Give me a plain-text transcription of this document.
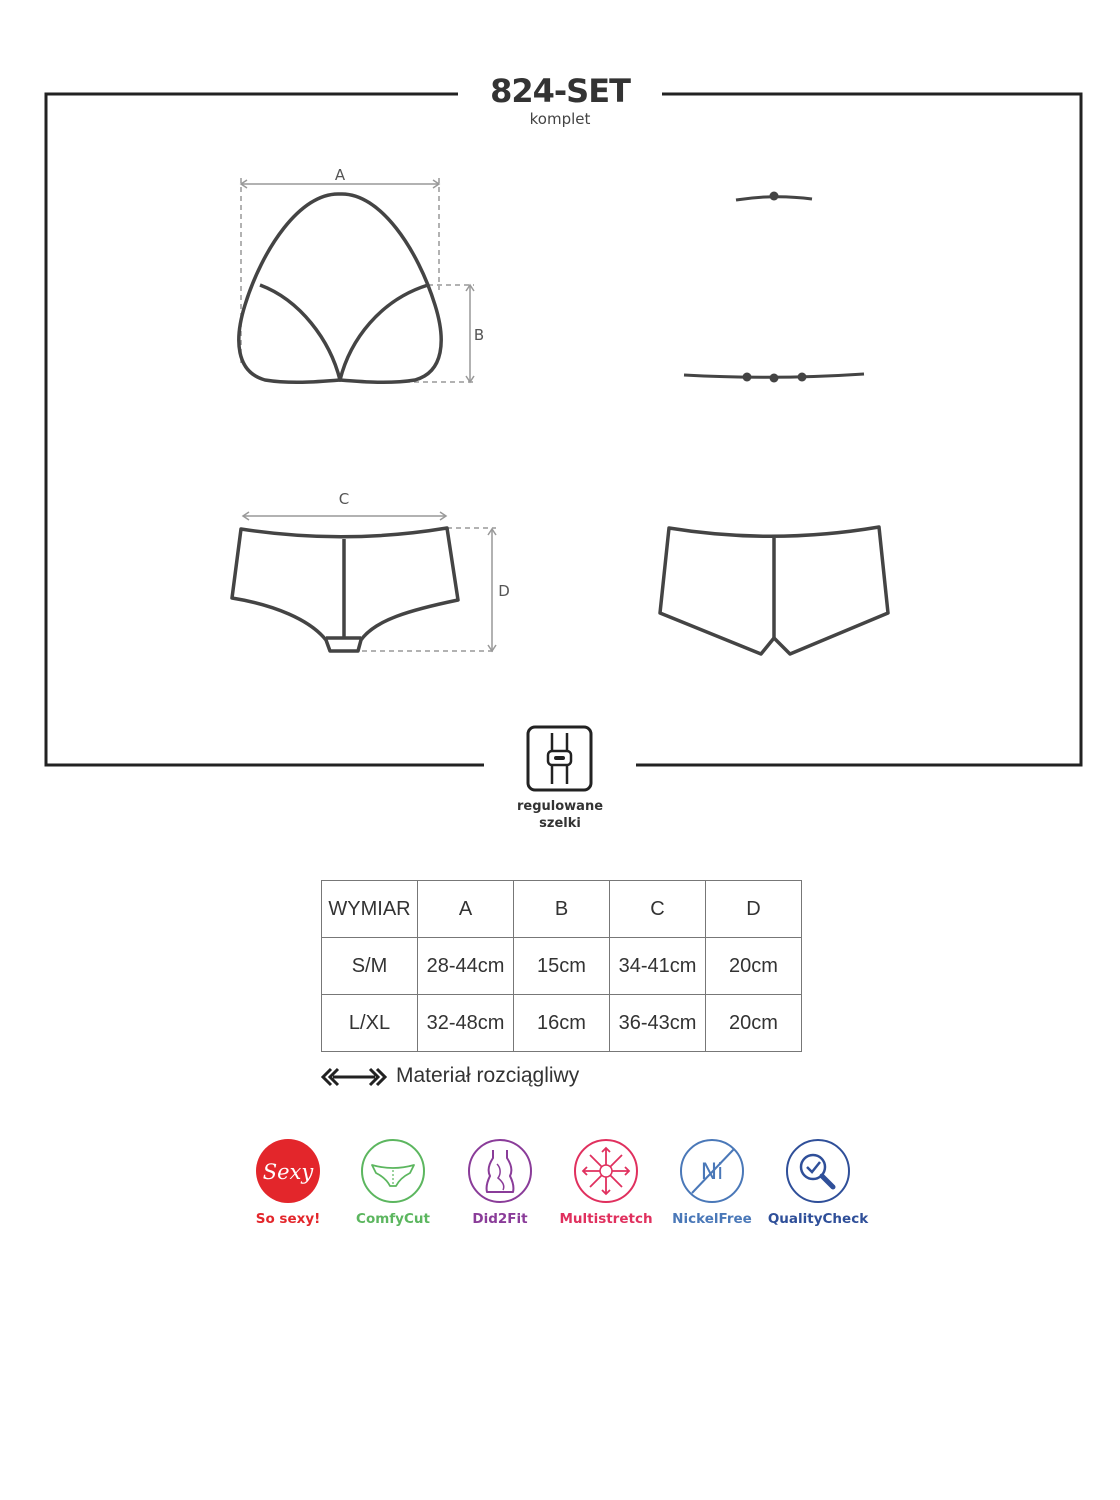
A
B
C
D
824-SET
komplet
regulowane
szelki
WYMIAR	A	B	C	D
S/M	28-44cm	15cm	34-41cm	20cm
L/XL	32-48cm	16cm	36-43cm	20cm
Materiał rozciągliwy
Sexy
So sexy!	ComfyCut	Did2Fit	Multistretch
Ni
NickelFree	QualityCheck
